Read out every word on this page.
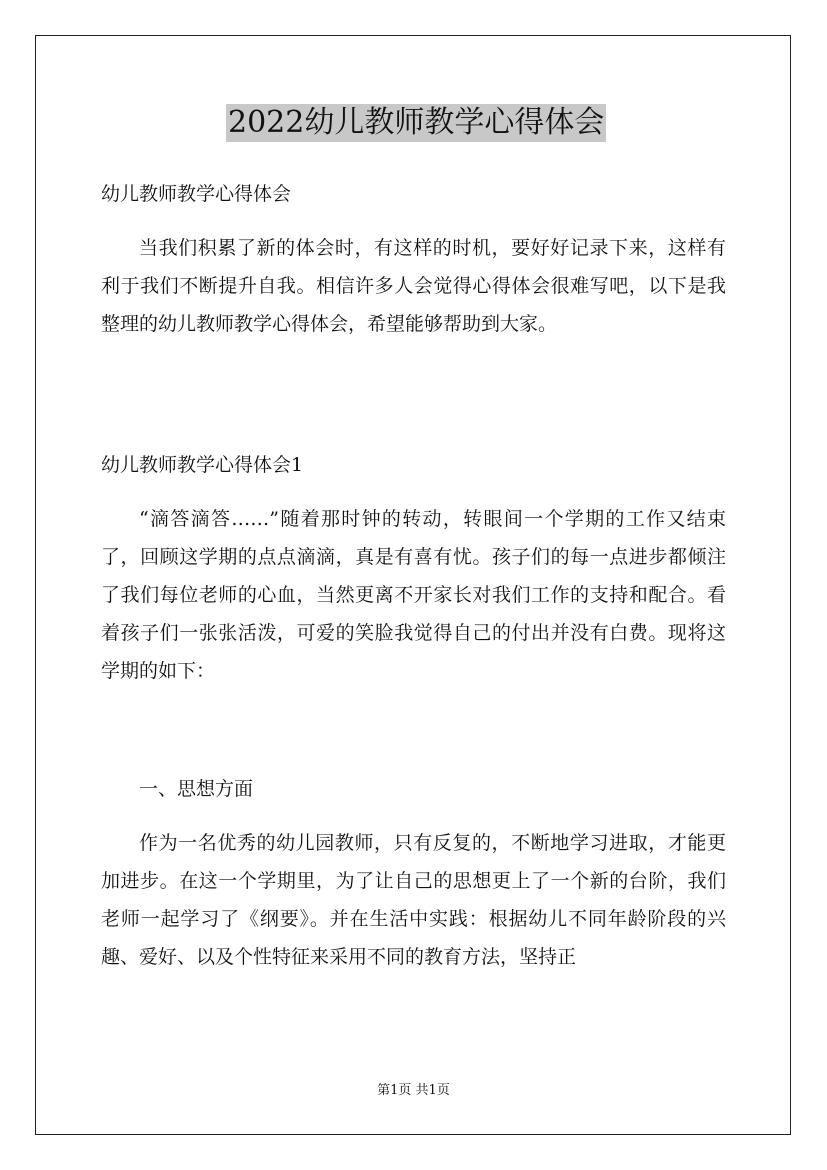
2022幼儿教师教学心得体会
幼儿教师教学心得体会

当我们积累了新的体会时，有这样的时机，要好好记录下来，这样有利于我们不断提升自我。相信许多人会觉得心得体会很难写吧，以下是我整理的幼儿教师教学心得体会，希望能够帮助到大家。

幼儿教师教学心得体会1

“滴答滴答……”随着那时钟的转动，转眼间一个学期的工作又结束了，回顾这学期的点点滴滴，真是有喜有忧。孩子们的每一点进步都倾注了我们每位老师的心血，当然更离不开家长对我们工作的支持和配合。看着孩子们一张张活泼，可爱的笑脸我觉得自己的付出并没有白费。现将这学期的如下：

一、思想方面

作为一名优秀的幼儿园教师，只有反复的，不断地学习进取，才能更加进步。在这一个学期里，为了让自己的思想更上了一个新的台阶，我们老师一起学习了《纲要》。并在生活中实践：根据幼儿不同年龄阶段的兴趣、爱好、以及个性特征来采用不同的教育方法，坚持正

第1页 共1页
